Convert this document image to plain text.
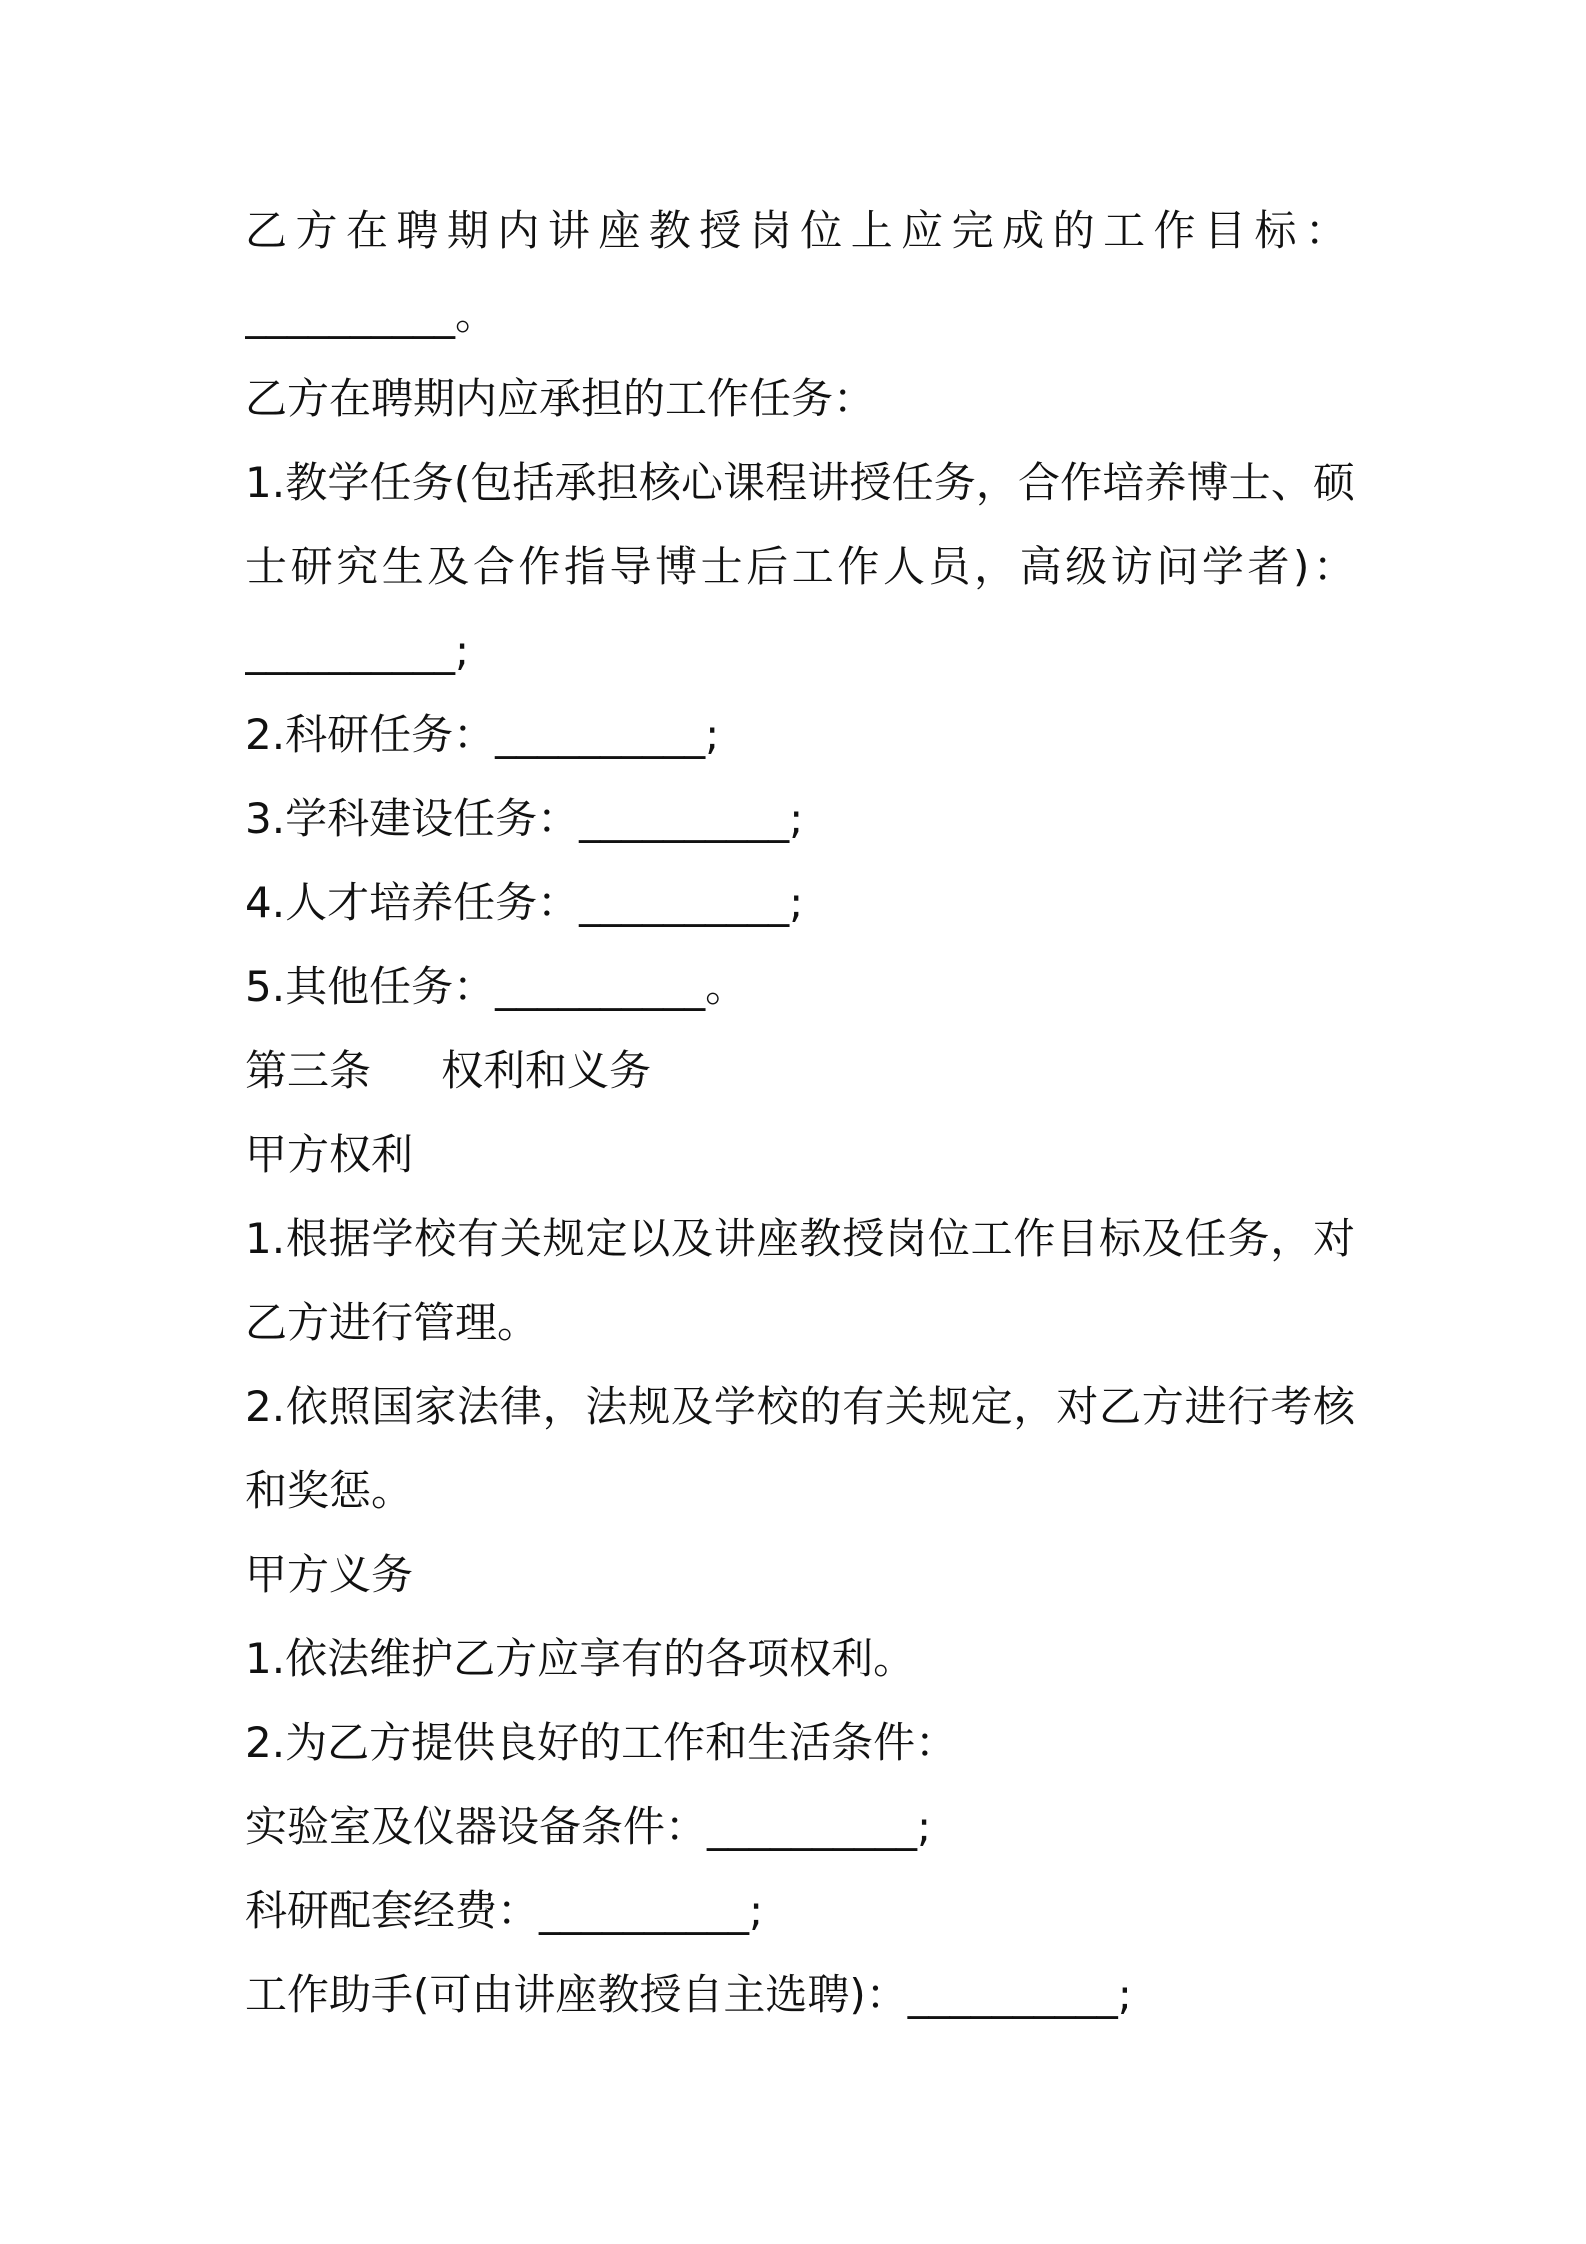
乙方在聘期内讲座教授岗位上应完成的工作目标：
__________。
乙方在聘期内应承担的工作任务：
1.教学任务(包括承担核心课程讲授任务，合作培养博士、硕
士研究生及合作指导博士后工作人员，高级访问学者)：
__________;
2.科研任务：__________;
3.学科建设任务：__________;
4.人才培养任务：__________;
5.其他任务：__________。
第三条 权利和义务
甲方权利
1.根据学校有关规定以及讲座教授岗位工作目标及任务，对
乙方进行管理。
2.依照国家法律，法规及学校的有关规定，对乙方进行考核
和奖惩。
甲方义务
1.依法维护乙方应享有的各项权利。
2.为乙方提供良好的工作和生活条件：
实验室及仪器设备条件：__________;
科研配套经费：__________;
工作助手(可由讲座教授自主选聘)：__________;
